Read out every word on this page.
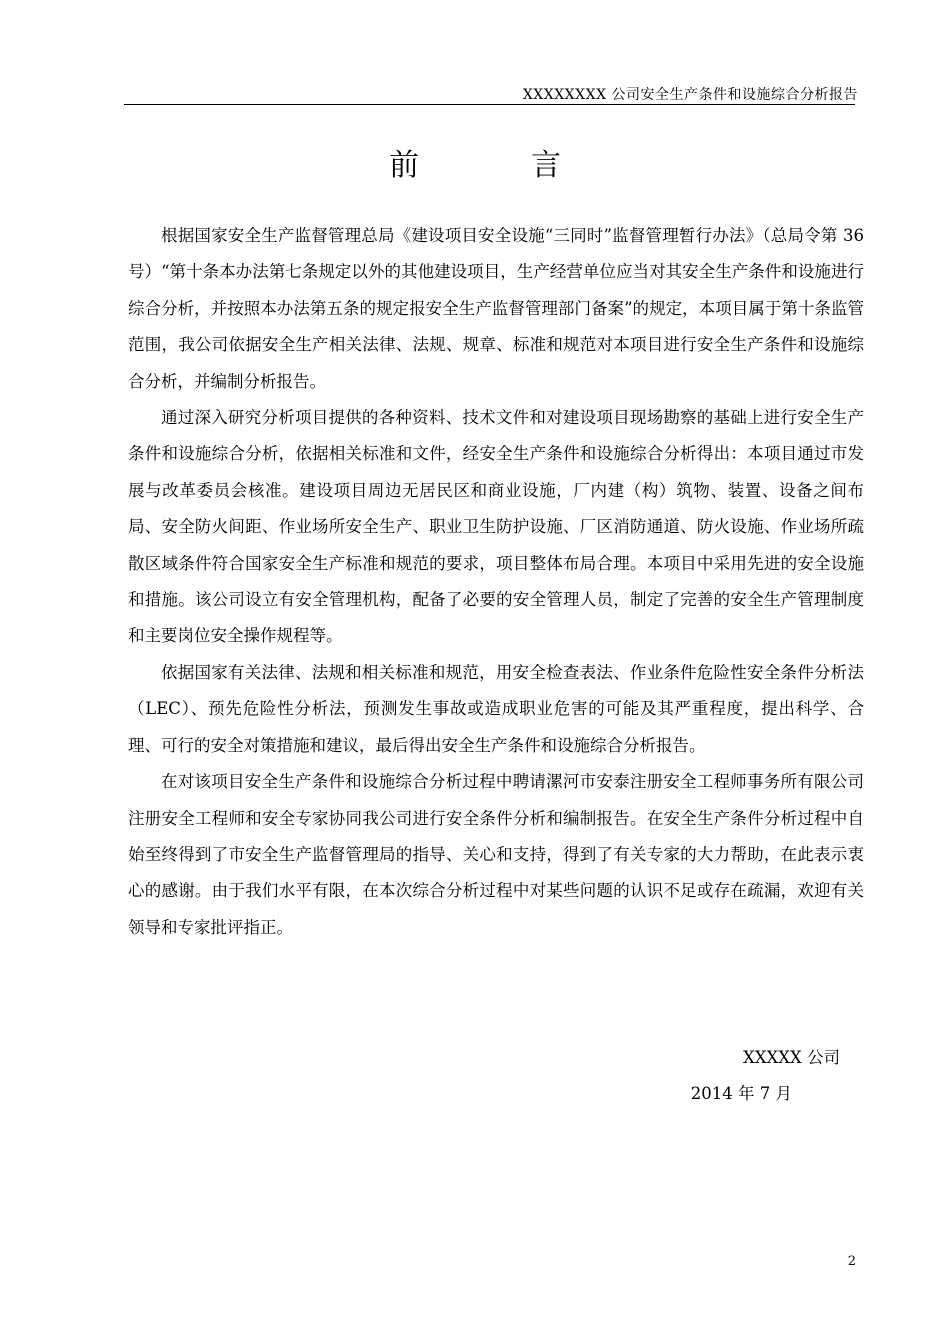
XXXXXXXX 公司安全生产条件和设施综合分析报告
前言

根据国家安全生产监督管理总局《建设项目安全设施“三同时”监督管理暂行办法》（总局令第 36 号）“第十条本办法第七条规定以外的其他建设项目，生产经营单位应当对其安全生产条件和设施进行综合分析，并按照本办法第五条的规定报安全生产监督管理部门备案”的规定，本项目属于第十条监管范围，我公司依据安全生产相关法律、法规、规章、标准和规范对本项目进行安全生产条件和设施综合分析，并编制分析报告。

通过深入研究分析项目提供的各种资料、技术文件和对建设项目现场勘察的基础上进行安全生产条件和设施综合分析，依据相关标准和文件，经安全生产条件和设施综合分析得出：本项目通过市发展与改革委员会核准。建设项目周边无居民区和商业设施，厂内建（构）筑物、装置、设备之间布局、安全防火间距、作业场所安全生产、职业卫生防护设施、厂区消防通道、防火设施、作业场所疏散区域条件符合国家安全生产标准和规范的要求，项目整体布局合理。本项目中采用先进的安全设施和措施。该公司设立有安全管理机构，配备了必要的安全管理人员，制定了完善的安全生产管理制度和主要岗位安全操作规程等。

依据国家有关法律、法规和相关标准和规范，用安全检查表法、作业条件危险性安全条件分析法（LEC）、预先危险性分析法，预测发生事故或造成职业危害的可能及其严重程度，提出科学、合理、可行的安全对策措施和建议，最后得出安全生产条件和设施综合分析报告。

在对该项目安全生产条件和设施综合分析过程中聘请漯河市安泰注册安全工程师事务所有限公司注册安全工程师和安全专家协同我公司进行安全条件分析和编制报告。在安全生产条件分析过程中自始至终得到了市安全生产监督管理局的指导、关心和支持，得到了有关专家的大力帮助，在此表示衷心的感谢。由于我们水平有限，在本次综合分析过程中对某些问题的认识不足或存在疏漏，欢迎有关领导和专家批评指正。

XXXXX 公司
2014 年 7 月
2
